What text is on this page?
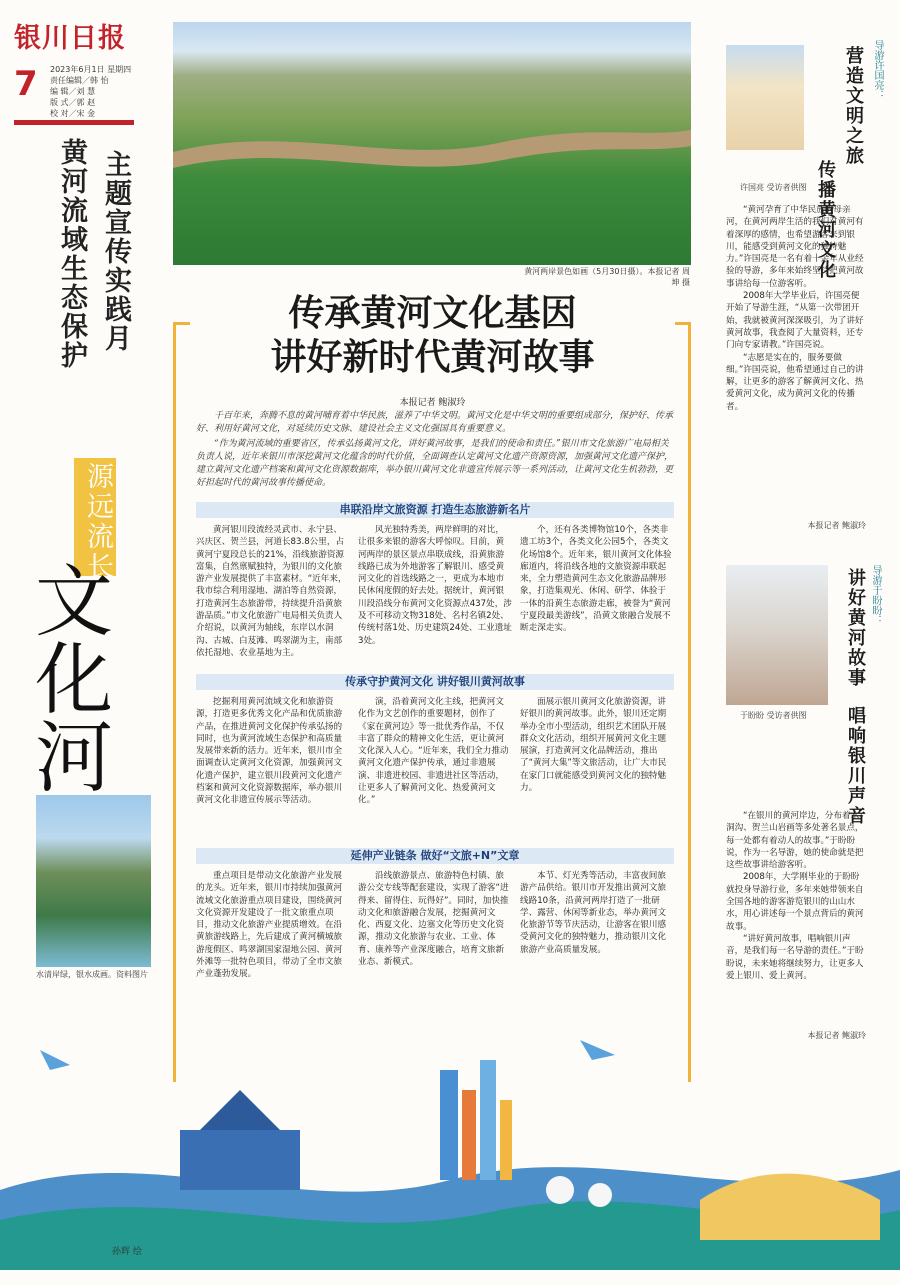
银川日报
7 2023年6月1日 星期四
责任编辑／韩 怡
编 辑／刘 慧
版 式／郭 赵
校 对／宋 金
主题宣传实践月
黄河流域生态保护
源远流长
文化河
水清岸绿，银水成画。资料图片
黄河两岸景色如画（5月30日摄）。本报记者 周坤 摄
传承黄河文化基因
讲好新时代黄河故事
本报记者 鲍淑玲

千百年来，奔腾不息的黄河哺育着中华民族，滋养了中华文明。黄河文化是中华文明的重要组成部分，保护好、传承好、利用好黄河文化，对延续历史文脉、建设社会主义文化强国具有重要意义。

“作为黄河流域的重要省区，传承弘扬黄河文化，讲好黄河故事，是我们的使命和责任。”银川市文化旅游广电局相关负责人说，近年来银川市深挖黄河文化蕴含的时代价值，全面调查认定黄河文化遗产资源资源，加强黄河文化遗产保护，建立黄河文化遗产档案和黄河文化资源数据库，举办银川黄河文化非遗宣传展示等一系列活动，让黄河文化生机勃勃，更好担起时代的黄河故事传播使命。

串联沿岸文旅资源 打造生态旅游新名片

黄河银川段流经灵武市、永宁县、兴庆区、贺兰县，河道长83.8公里，占黄河宁夏段总长的21%，沿线旅游资源富集，自然禀赋独特，为银川的文化旅游产业发展提供了丰富素材。“近年来，我市综合利用湿地、湖泊等自然资源，打造黄河生态旅游带，持续提升沿黄旅游品质。”市文化旅游广电局相关负责人介绍说，以黄河为轴线，东岸以水洞沟、古城、白芨滩、鸣翠湖为主，南部依托湿地、农业基地为主。

风光独特秀美，两岸鲜明的对比，让很多来银的游客大呼惊叹。目前，黄河两岸的景区景点串联成线，沿黄旅游线路已成为外地游客了解银川、感受黄河文化的首选线路之一，更成为本地市民休闲度假的好去处。据统计，黄河银川段沿线分布黄河文化资源点437处，涉及不可移动文物318处、名村名镇2处、传统村落1处、历史建筑24处、工业遗址3处。

个，还有各类博物馆10个，各类非遗工坊3个，各类文化公园5个，各类文化场馆8个。近年来，银川黄河文化体验廊道内，将沿线各地的文旅资源串联起来，全力塑造黄河生态文化旅游品牌形象，打造集观光、休闲、研学、体验于一体的沿黄生态旅游走廊，被誉为“黄河宁夏段最美游线”，沿黄文旅融合发展不断走深走实。

传承守护黄河文化 讲好银川黄河故事

挖掘利用黄河流域文化和旅游资源，打造更多优秀文化产品和优质旅游产品，在推进黄河文化保护传承弘扬的同时，也为黄河流域生态保护和高质量发展带来新的活力。近年来，银川市全面调查认定黄河文化资源，加强黄河文化遗产保护，建立银川段黄河文化遗产档案和黄河文化资源数据库，举办银川黄河文化非遗宣传展示等活动。

演，沿着黄河文化主线，把黄河文化作为文艺创作的重要题材，创作了《家在黄河边》等一批优秀作品，不仅丰富了群众的精神文化生活，更让黄河文化深入人心。“近年来，我们全力推动黄河文化遗产保护传承，通过非遗展演、非遗进校园、非遗进社区等活动，让更多人了解黄河文化、热爱黄河文化。”

面展示银川黄河文化旅游资源，讲好银川的黄河故事。此外，银川还定期举办全市小型活动，组织艺术团队开展群众文化活动，组织开展黄河文化主题展演，打造黄河文化品牌活动，推出了“黄河大集”等文旅活动，让广大市民在家门口就能感受到黄河文化的独特魅力。

延伸产业链条 做好“文旅+N”文章

重点项目是带动文化旅游产业发展的龙头。近年来，银川市持续加强黄河流域文化旅游重点项目建设，围绕黄河文化资源开发建设了一批文旅重点项目，推动文化旅游产业提质增效。在沿黄旅游线路上，先后建成了黄河横城旅游度假区、鸣翠湖国家湿地公园、黄河外滩等一批特色项目，带动了全市文旅产业蓬勃发展。

沿线旅游景点、旅游特色村镇、旅游公交专线等配套建设，实现了游客“进得来、留得住、玩得好”。同时，加快推动文化和旅游融合发展，挖掘黄河文化、西夏文化、边塞文化等历史文化资源，推动文化旅游与农业、工业、体育、康养等产业深度融合，培育文旅新业态、新模式。

本节、灯光秀等活动，丰富夜间旅游产品供给。银川市开发推出黄河文旅线路10条，沿黄河两岸打造了一批研学、露营、休闲等新业态，举办黄河文化旅游节等节庆活动，让游客在银川感受黄河文化的独特魅力，推动银川文化旅游产业高质量发展。

导游许国亮：
营造文明之旅
传播黄河文化
许国亮 受访者供图

“黄河孕育了中华民族的母亲河，在黄河两岸生活的我们对黄河有着深厚的感情，也希望游客来到银川，能感受到黄河文化的独特魅力。”许国亮是一名有着十余年从业经验的导游，多年来始终坚持把黄河故事讲给每一位游客听。

2008年大学毕业后，许国亮便开始了导游生涯，“从第一次带团开始，我就被黄河深深吸引，为了讲好黄河故事，我查阅了大量资料，还专门向专家请教。”许国亮说。

“志愿是实在的，服务要做细。”许国亮说，他希望通过自己的讲解，让更多的游客了解黄河文化、热爱黄河文化，成为黄河文化的传播者。

本报记者 鲍淑玲
导游于盼盼：
讲好黄河故事
唱响银川声音
于盼盼 受访者供图

“在银川的黄河岸边，分布着水洞沟、贺兰山岩画等多处著名景点，每一处都有着动人的故事。”于盼盼说，作为一名导游，她的使命就是把这些故事讲给游客听。

2008年，大学刚毕业的于盼盼就投身导游行业，多年来她带领来自全国各地的游客游览银川的山山水水，用心讲述每一个景点背后的黄河故事。

“讲好黄河故事，唱响银川声音，是我们每一名导游的责任。”于盼盼说，未来她将继续努力，让更多人爱上银川、爱上黄河。

本报记者 鲍淑玲
孙辉 绘
